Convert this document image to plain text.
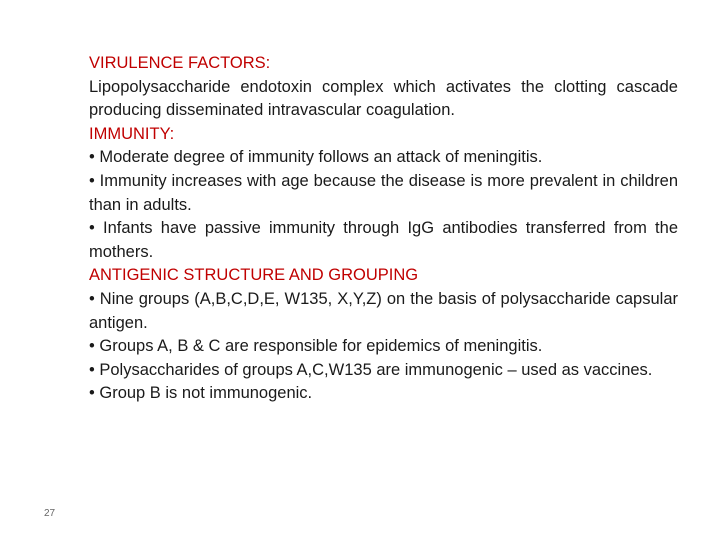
VIRULENCE FACTORS:

Lipopolysaccharide endotoxin complex which activates the clotting cascade producing disseminated intravascular coagulation.

IMMUNITY:

• Moderate degree of immunity follows an attack of meningitis.

• Immunity increases with age because the disease is more prevalent in children than in adults.

• Infants have passive immunity through IgG antibodies transferred from the mothers.

ANTIGENIC STRUCTURE AND GROUPING

• Nine groups (A,B,C,D,E, W135, X,Y,Z) on the basis of polysaccharide capsular antigen.

• Groups A, B & C are responsible for epidemics of meningitis.

• Polysaccharides of groups A,C,W135 are immunogenic – used as vaccines.

• Group B is not immunogenic.

27
